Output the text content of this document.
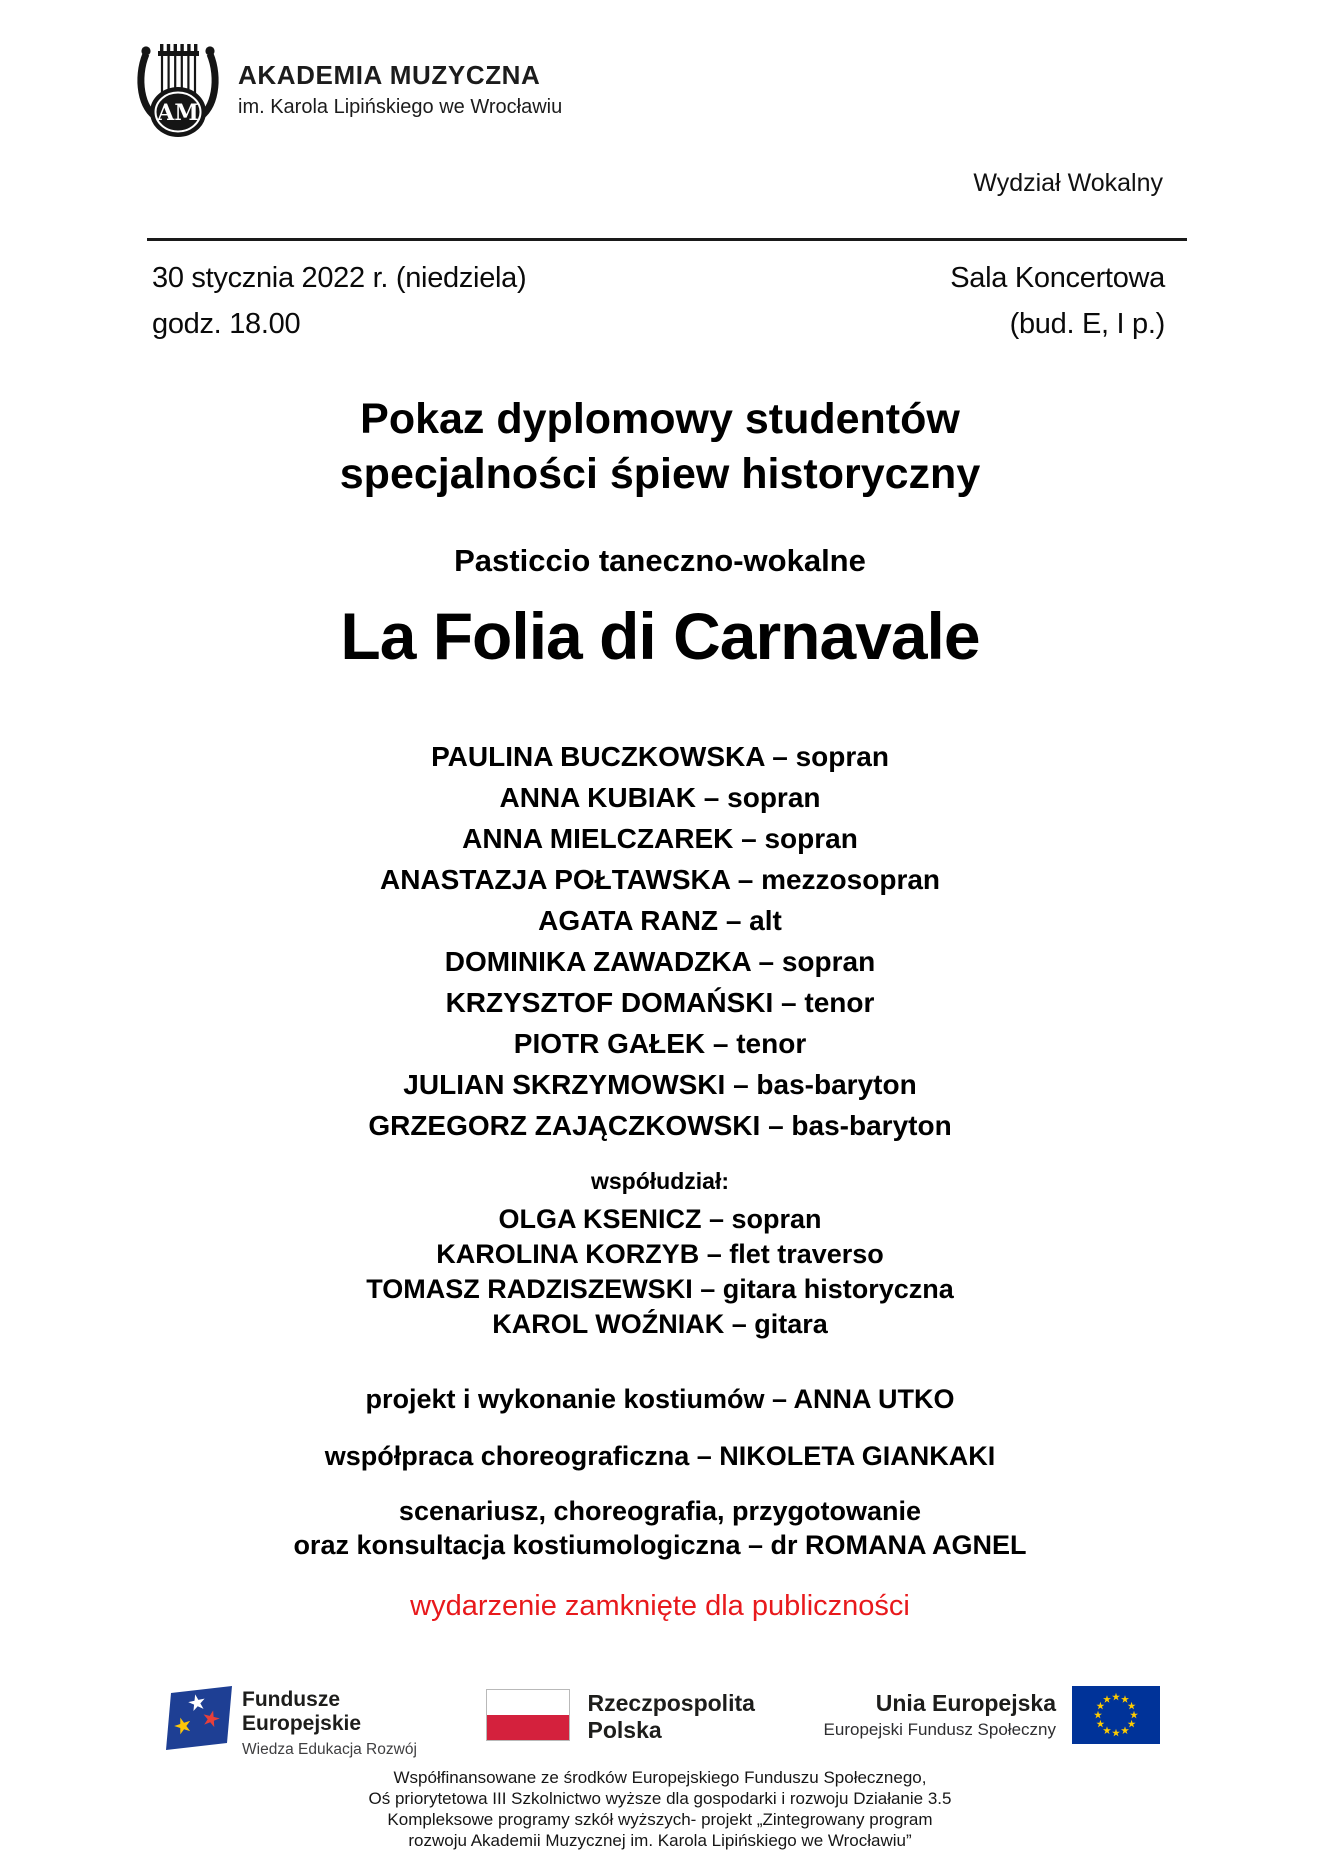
AM
AKADEMIA MUZYCZNA
im. Karola Lipińskiego we Wrocławiu
Wydział Wokalny
30 stycznia 2022 r. (niedziela)	Sala Koncertowa
godz. 18.00	(bud. E, I p.)
Pokaz dyplomowy studentów
specjalności śpiew historyczny
Pasticcio taneczno-wokalne
La Folia di Carnavale
PAULINA BUCZKOWSKA – sopran
ANNA KUBIAK – sopran
ANNA MIELCZAREK – sopran
ANASTAZJA POŁTAWSKA – mezzosopran
AGATA RANZ – alt
DOMINIKA ZAWADZKA – sopran
KRZYSZTOF DOMAŃSKI – tenor
PIOTR GAŁEK – tenor
JULIAN SKRZYMOWSKI – bas-baryton
GRZEGORZ ZAJĄCZKOWSKI – bas-baryton
współudział:
OLGA KSENICZ – sopran
KAROLINA KORZYB – flet traverso
TOMASZ RADZISZEWSKI – gitara historyczna
KAROL WOŹNIAK – gitara
projekt i wykonanie kostiumów – ANNA UTKO
współpraca choreograficzna – NIKOLETA GIANKAKI
scenariusz, choreografia, przygotowanie
oraz konsultacja kostiumologiczna – dr ROMANA AGNEL
wydarzenie zamknięte dla publiczności
Fundusze
Europejskie
Wiedza Edukacja Rozwój
Rzeczpospolita
Polska
Unia Europejska
Europejski Fundusz Społeczny
Współfinansowane ze środków Europejskiego Funduszu Społecznego,
Oś priorytetowa III Szkolnictwo wyższe dla gospodarki i rozwoju Działanie 3.5
Kompleksowe programy szkół wyższych- projekt „Zintegrowany program
rozwoju Akademii Muzycznej im. Karola Lipińskiego we Wrocławiu”
